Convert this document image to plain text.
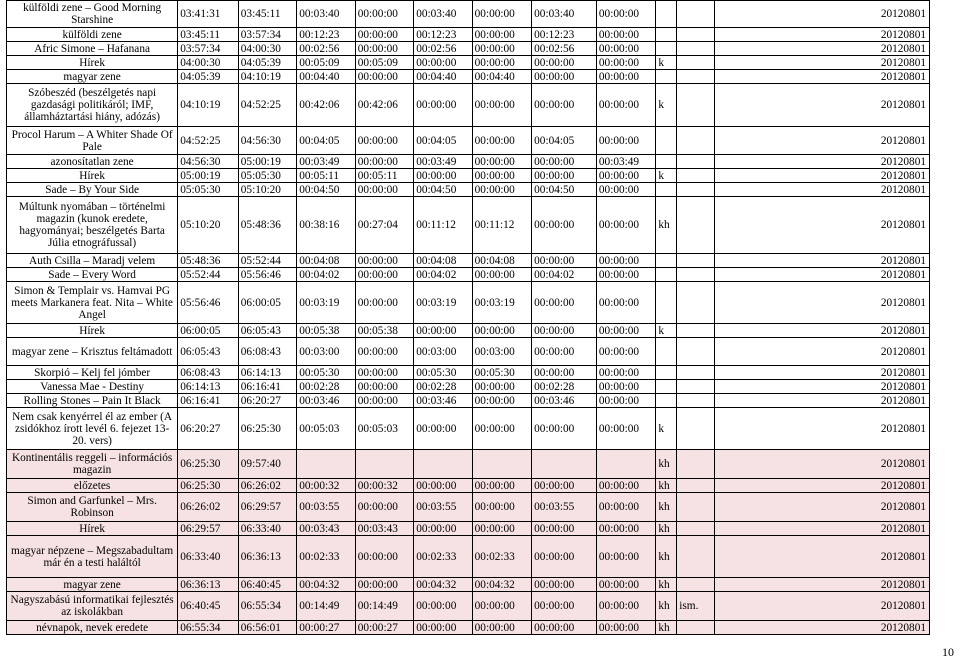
külföldi zene – Good Morning Starshine	03:41:31	03:45:11	00:03:40	00:00:00	00:03:40	00:00:00	00:03:40	00:00:00			20120801
külföldi zene	03:45:11	03:57:34	00:12:23	00:00:00	00:12:23	00:00:00	00:12:23	00:00:00			20120801
Afric Simone – Hafanana	03:57:34	04:00:30	00:02:56	00:00:00	00:02:56	00:00:00	00:02:56	00:00:00			20120801
Hírek	04:00:30	04:05:39	00:05:09	00:05:09	00:00:00	00:00:00	00:00:00	00:00:00	k		20120801
magyar zene	04:05:39	04:10:19	00:04:40	00:00:00	00:04:40	00:04:40	00:00:00	00:00:00			20120801
Szóbeszéd (beszélgetés napi gazdasági politikáról; IMF, államháztartási hiány, adózás)	04:10:19	04:52:25	00:42:06	00:42:06	00:00:00	00:00:00	00:00:00	00:00:00	k		20120801
Procol Harum – A Whiter Shade Of Pale	04:52:25	04:56:30	00:04:05	00:00:00	00:04:05	00:00:00	00:04:05	00:00:00			20120801
azonosítatlan zene	04:56:30	05:00:19	00:03:49	00:00:00	00:03:49	00:00:00	00:00:00	00:03:49			20120801
Hírek	05:00:19	05:05:30	00:05:11	00:05:11	00:00:00	00:00:00	00:00:00	00:00:00	k		20120801
Sade – By Your Side	05:05:30	05:10:20	00:04:50	00:00:00	00:04:50	00:00:00	00:04:50	00:00:00			20120801
Múltunk nyomában – történelmi magazin (kunok eredete, hagyományai; beszélgetés Barta Júlia etnográfussal)	05:10:20	05:48:36	00:38:16	00:27:04	00:11:12	00:11:12	00:00:00	00:00:00	kh		20120801
Auth Csilla – Maradj velem	05:48:36	05:52:44	00:04:08	00:00:00	00:04:08	00:04:08	00:00:00	00:00:00			20120801
Sade – Every Word	05:52:44	05:56:46	00:04:02	00:00:00	00:04:02	00:00:00	00:04:02	00:00:00			20120801
Simon & Templair vs. Hamvai PG meets Markanera feat. Nita – White Angel	05:56:46	06:00:05	00:03:19	00:00:00	00:03:19	00:03:19	00:00:00	00:00:00			20120801
Hírek	06:00:05	06:05:43	00:05:38	00:05:38	00:00:00	00:00:00	00:00:00	00:00:00	k		20120801
magyar zene – Krisztus feltámadott	06:05:43	06:08:43	00:03:00	00:00:00	00:03:00	00:03:00	00:00:00	00:00:00			20120801
Skorpió – Kelj fel jómber	06:08:43	06:14:13	00:05:30	00:00:00	00:05:30	00:05:30	00:00:00	00:00:00			20120801
Vanessa Mae - Destiny	06:14:13	06:16:41	00:02:28	00:00:00	00:02:28	00:00:00	00:02:28	00:00:00			20120801
Rolling Stones – Pain It Black	06:16:41	06:20:27	00:03:46	00:00:00	00:03:46	00:00:00	00:03:46	00:00:00			20120801
Nem csak kenyérrel él az ember (A zsidókhoz írott levél 6. fejezet 13-20. vers)	06:20:27	06:25:30	00:05:03	00:05:03	00:00:00	00:00:00	00:00:00	00:00:00	k		20120801
Kontinentális reggeli – információs magazin	06:25:30	09:57:40							kh		20120801
előzetes	06:25:30	06:26:02	00:00:32	00:00:32	00:00:00	00:00:00	00:00:00	00:00:00	kh		20120801
Simon and Garfunkel – Mrs. Robinson	06:26:02	06:29:57	00:03:55	00:00:00	00:03:55	00:00:00	00:03:55	00:00:00	kh		20120801
Hírek	06:29:57	06:33:40	00:03:43	00:03:43	00:00:00	00:00:00	00:00:00	00:00:00	kh		20120801
magyar népzene – Megszabadultam már én a testi haláltól	06:33:40	06:36:13	00:02:33	00:00:00	00:02:33	00:02:33	00:00:00	00:00:00	kh		20120801
magyar zene	06:36:13	06:40:45	00:04:32	00:00:00	00:04:32	00:04:32	00:00:00	00:00:00	kh		20120801
Nagyszabású informatikai fejlesztés az iskolákban	06:40:45	06:55:34	00:14:49	00:14:49	00:00:00	00:00:00	00:00:00	00:00:00	kh	ism.	20120801
névnapok, nevek eredete	06:55:34	06:56:01	00:00:27	00:00:27	00:00:00	00:00:00	00:00:00	00:00:00	kh		20120801
10
